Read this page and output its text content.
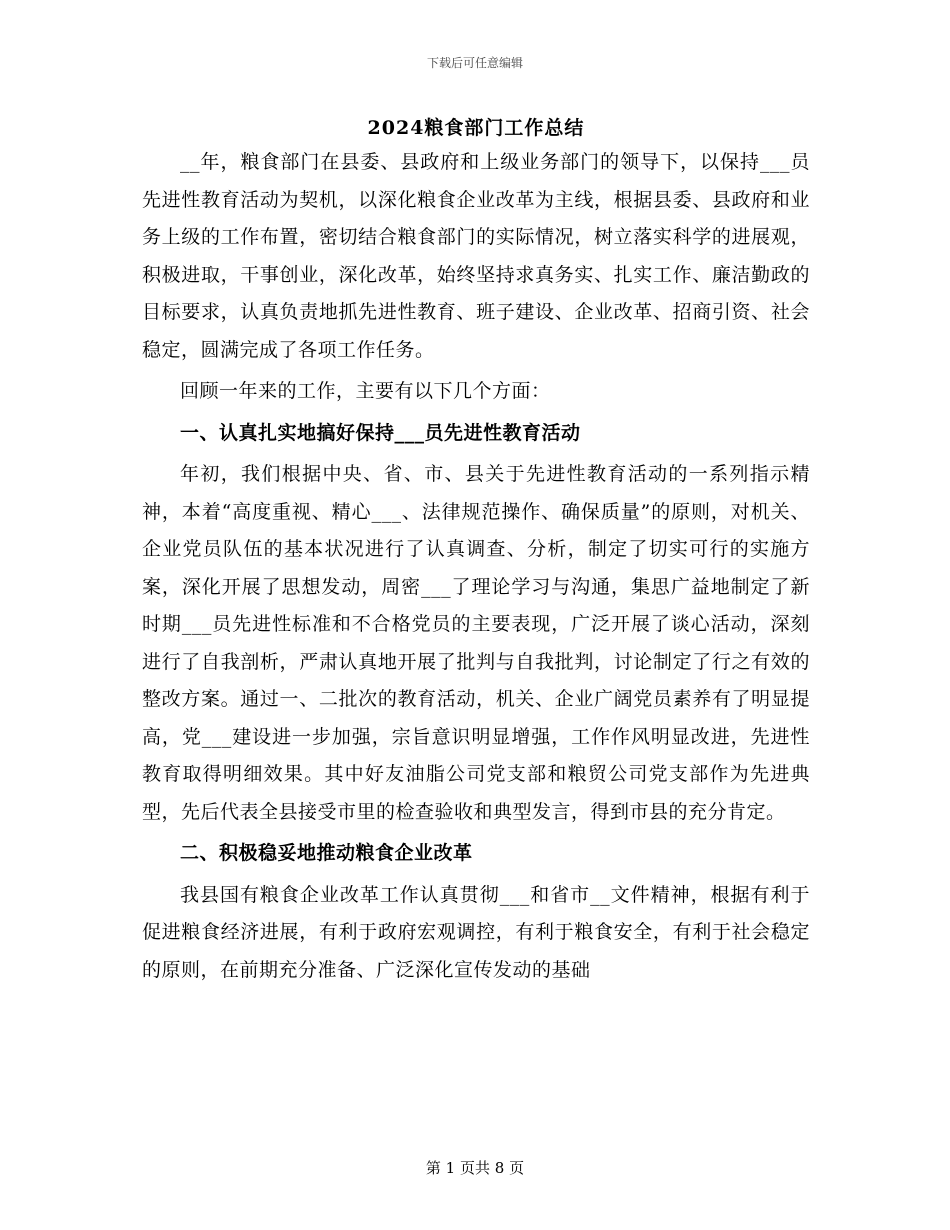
下载后可任意编辑
2024粮食部门工作总结

__年，粮食部门在县委、县政府和上级业务部门的领导下，以保持___员先进性教育活动为契机，以深化粮食企业改革为主线，根据县委、县政府和业务上级的工作布置，密切结合粮食部门的实际情况，树立落实科学的进展观，积极进取，干事创业，深化改革，始终坚持求真务实、扎实工作、廉洁勤政的目标要求，认真负责地抓先进性教育、班子建设、企业改革、招商引资、社会稳定，圆满完成了各项工作任务。

回顾一年来的工作，主要有以下几个方面：

一、认真扎实地搞好保持___员先进性教育活动

年初，我们根据中央、省、市、县关于先进性教育活动的一系列指示精神，本着“高度重视、精心___、法律规范操作、确保质量”的原则，对机关、企业党员队伍的基本状况进行了认真调查、分析，制定了切实可行的实施方案，深化开展了思想发动，周密___了理论学习与沟通，集思广益地制定了新时期___员先进性标准和不合格党员的主要表现，广泛开展了谈心活动，深刻进行了自我剖析，严肃认真地开展了批判与自我批判，讨论制定了行之有效的整改方案。通过一、二批次的教育活动，机关、企业广阔党员素养有了明显提高，党___建设进一步加强，宗旨意识明显增强，工作作风明显改进，先进性教育取得明细效果。其中好友油脂公司党支部和粮贸公司党支部作为先进典型，先后代表全县接受市里的检查验收和典型发言，得到市县的充分肯定。

二、积极稳妥地推动粮食企业改革

我县国有粮食企业改革工作认真贯彻___和省市__文件精神，根据有利于促进粮食经济进展，有利于政府宏观调控，有利于粮食安全，有利于社会稳定的原则，在前期充分准备、广泛深化宣传发动的基础

第 1 页共 8 页
